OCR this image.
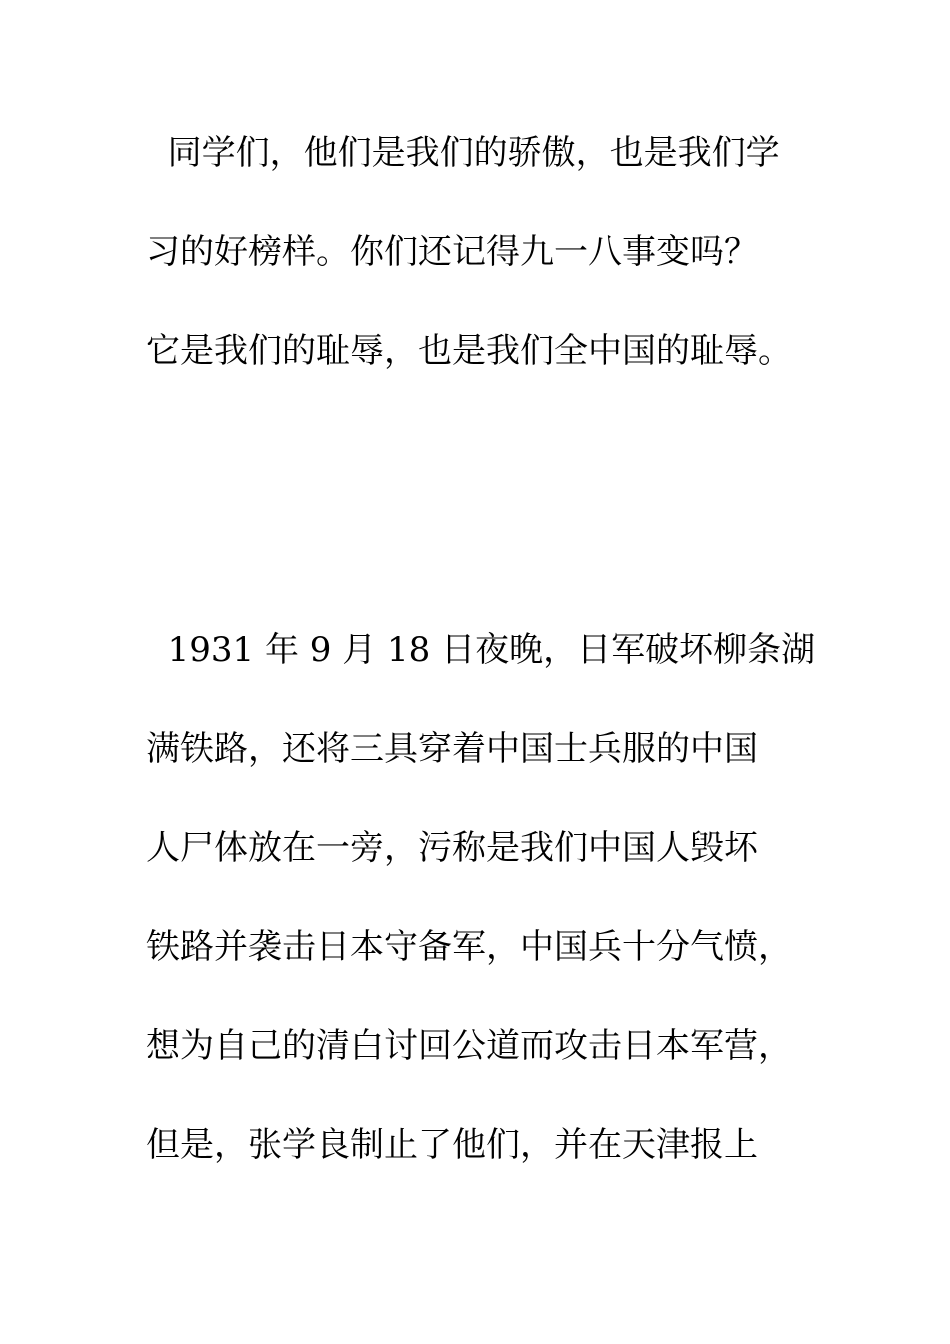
同学们，他们是我们的骄傲，也是我们学

习的好榜样。你们还记得九一八事变吗？

它是我们的耻辱，也是我们全中国的耻辱。

1931 年 9 月 18 日夜晚，日军破坏柳条湖

满铁路，还将三具穿着中国士兵服的中国

人尸体放在一旁，污称是我们中国人毁坏

铁路并袭击日本守备军，中国兵十分气愤，

想为自己的清白讨回公道而攻击日本军营，

但是，张学良制止了他们，并在天津报上
